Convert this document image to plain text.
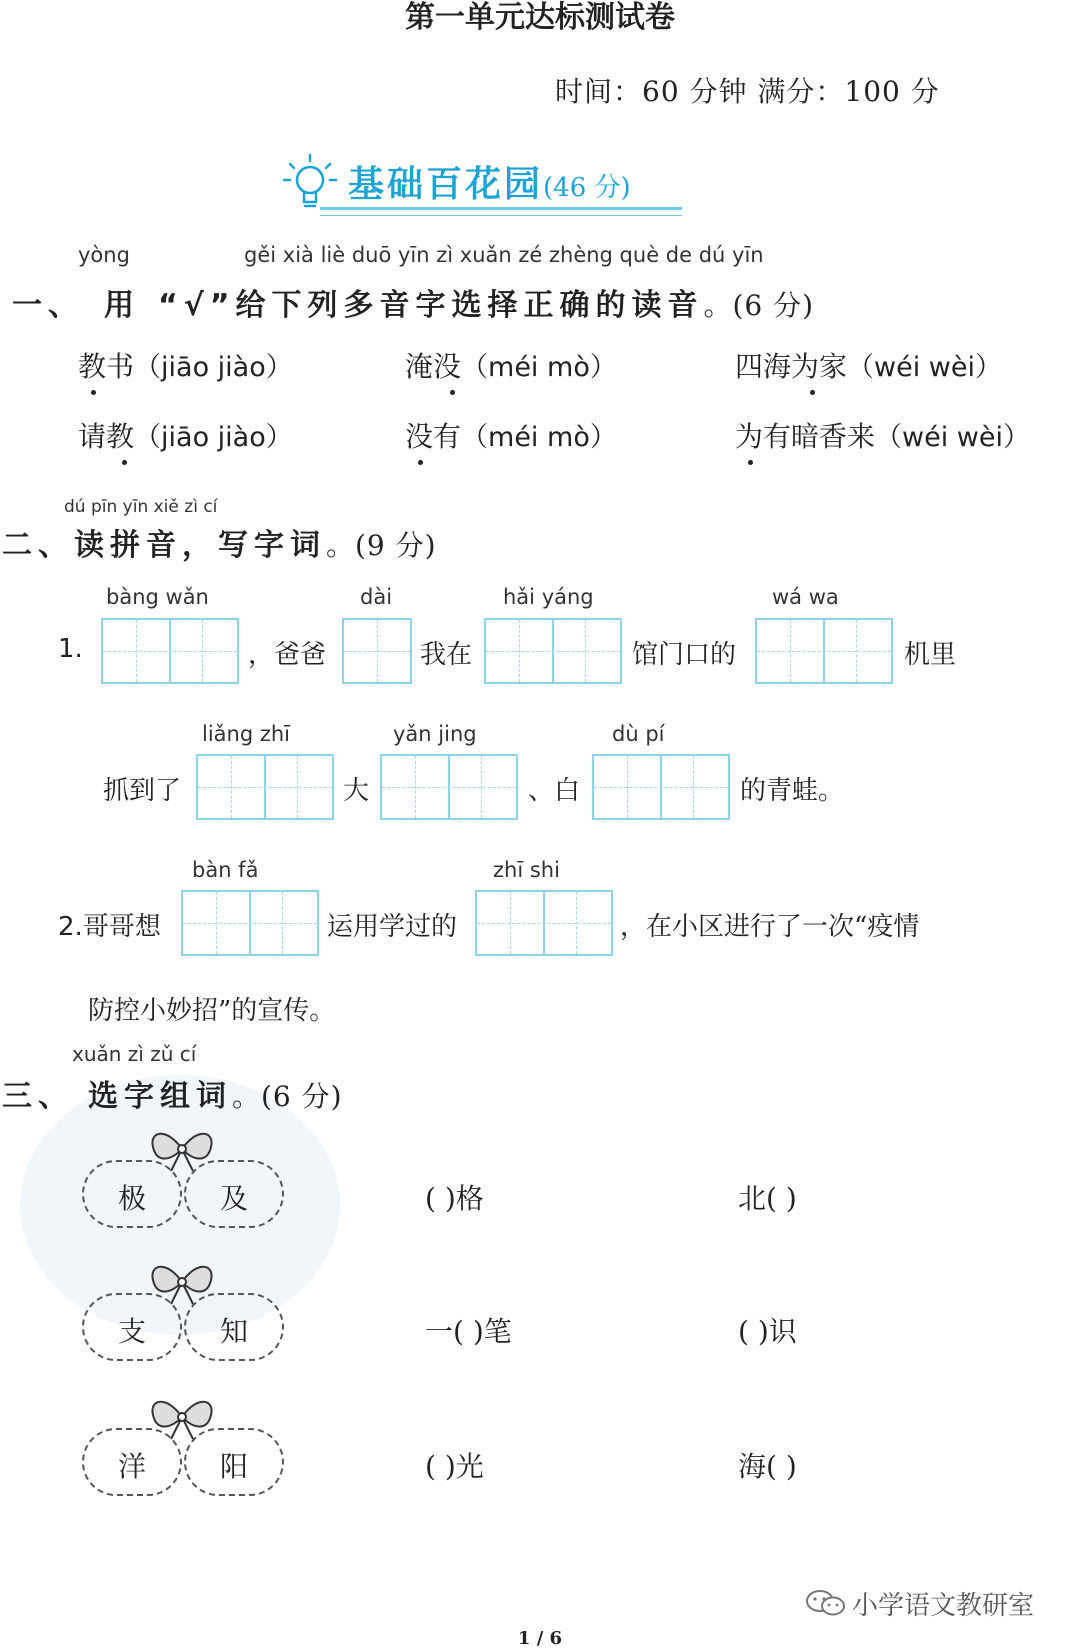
第一单元达标测试卷
时间：60 分钟 满分：100 分
基础百花园(46 分)
yòng	gěi xià liè duō yīn zì xuǎn zé zhèng què de dú yīn
一、 用 “√”给下列多音字选择正确的读音。(6 分)
教书（jiāo jiào）	淹没（méi mò）	四海为家（wéi wèi）
请教（jiāo jiào）	没有（méi mò）	为有暗香来（wéi wèi）
dú pīn yīn xiě zì cí
二、读拼音，写字词。(9 分)
bàng wǎn	dài	hǎi yáng	wá wa
1.	，爸爸	我在	馆门口的	机里
liǎng zhī	yǎn jing	dù pí
抓到了	大	、白	的青蛙。
bàn fǎ	zhī shi
2.哥哥想	运用学过的	，在小区进行了一次“疫情
防控小妙招”的宣传。
xuǎn zì zǔ cí
三、 选字组词。(6 分)
极	及	( )格	北( )
支	知	一( )笔	( )识
洋	阳	( )光	海( )
小学语文教研室
1 / 6
